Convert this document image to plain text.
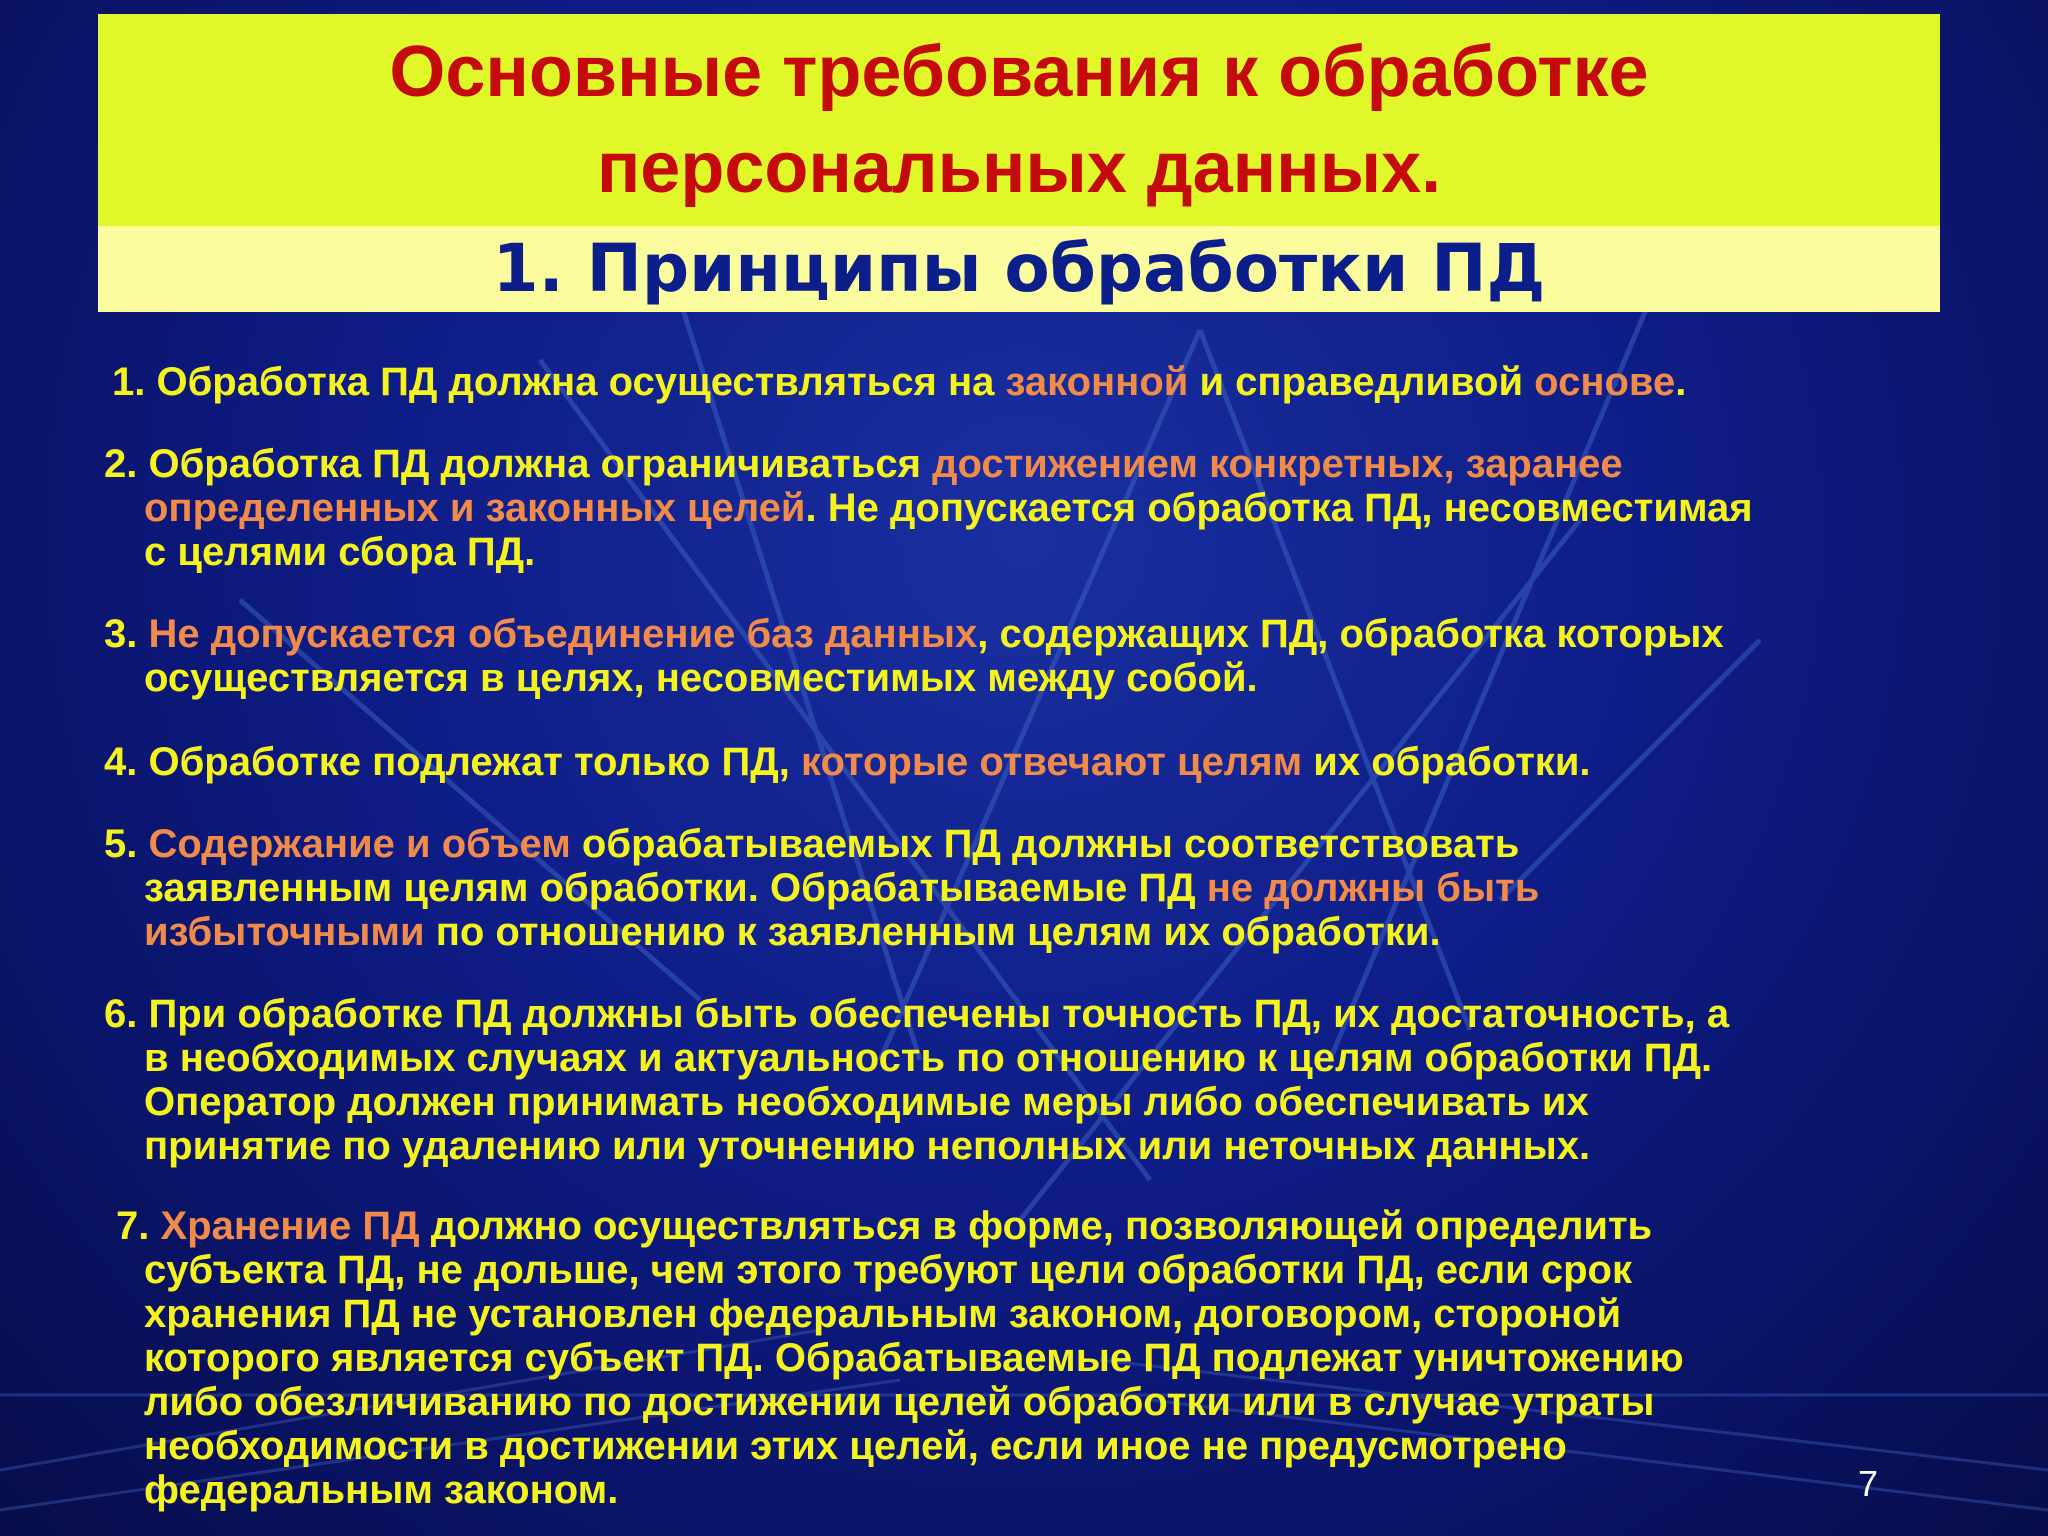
Основные требования к обработке
персональных данных.
1. Принципы обработки ПД
1. Обработка ПД должна осуществляться на законной и справедливой основе.
2. Обработка ПД должна ограничиваться достижением конкретных, заранее
определенных и законных целей. Не допускается обработка ПД, несовместимая
с целями сбора ПД.
3. Не допускается объединение баз данных, содержащих ПД, обработка которых
осуществляется в целях, несовместимых между собой.
4. Обработке подлежат только ПД, которые отвечают целям их обработки.
5. Содержание и объем обрабатываемых ПД должны соответствовать
заявленным целям обработки. Обрабатываемые ПД не должны быть
избыточными по отношению к заявленным целям их обработки.
6. При обработке ПД должны быть обеспечены точность ПД, их достаточность, а
в необходимых случаях и актуальность по отношению к целям обработки ПД.
Оператор должен принимать необходимые меры либо обеспечивать их
принятие по удалению или уточнению неполных или неточных данных.
7. Хранение ПД должно осуществляться в форме, позволяющей определить
субъекта ПД, не дольше, чем этого требуют цели обработки ПД, если срок
хранения ПД не установлен федеральным законом, договором, стороной
которого является субъект ПД. Обрабатываемые ПД подлежат уничтожению
либо обезличиванию по достижении целей обработки или в случае утраты
необходимости в достижении этих целей, если иное не предусмотрено
федеральным законом.	7
